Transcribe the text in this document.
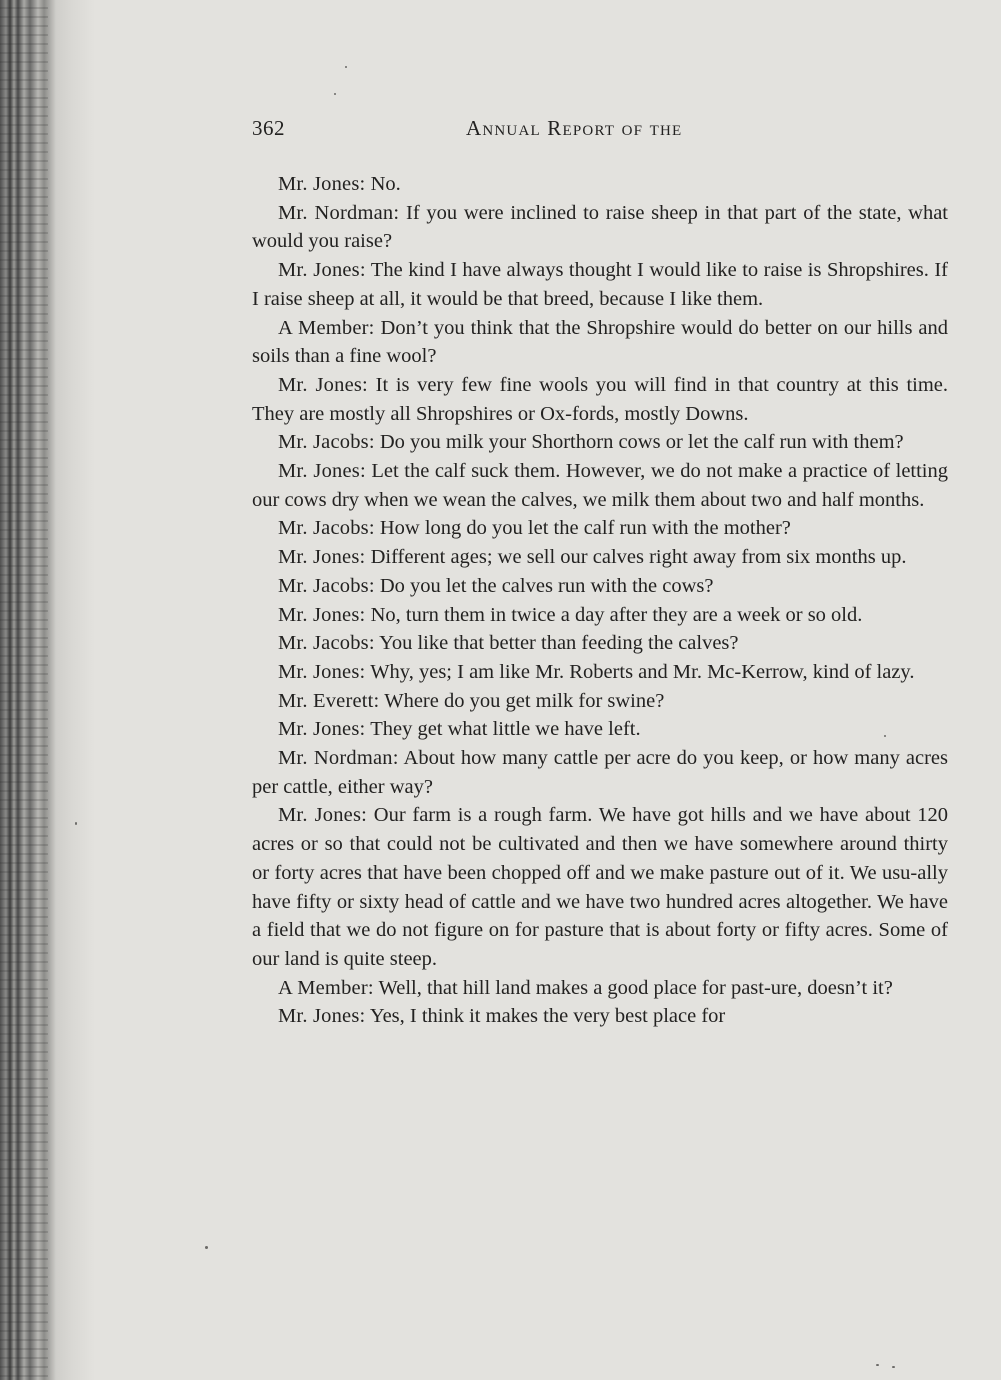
362	Annual Report of the

Mr. Jones: No.

Mr. Nordman: If you were inclined to raise sheep in that part of the state, what would you raise?

Mr. Jones: The kind I have always thought I would like to raise is Shropshires. If I raise sheep at all, it would be that breed, because I like them.

A Member: Don’t you think that the Shropshire would do better on our hills and soils than a fine wool?

Mr. Jones: It is very few fine wools you will find in that country at this time. They are mostly all Shropshires or Ox-fords, mostly Downs.

Mr. Jacobs: Do you milk your Shorthorn cows or let the calf run with them?

Mr. Jones: Let the calf suck them. However, we do not make a practice of letting our cows dry when we wean the calves, we milk them about two and half months.

Mr. Jacobs: How long do you let the calf run with the mother?

Mr. Jones: Different ages; we sell our calves right away from six months up.

Mr. Jacobs: Do you let the calves run with the cows?

Mr. Jones: No, turn them in twice a day after they are a week or so old.

Mr. Jacobs: You like that better than feeding the calves?

Mr. Jones: Why, yes; I am like Mr. Roberts and Mr. Mc-Kerrow, kind of lazy.

Mr. Everett: Where do you get milk for swine?

Mr. Jones: They get what little we have left.

Mr. Nordman: About how many cattle per acre do you keep, or how many acres per cattle, either way?

Mr. Jones: Our farm is a rough farm. We have got hills and we have about 120 acres or so that could not be cultivated and then we have somewhere around thirty or forty acres that have been chopped off and we make pasture out of it. We usu-ally have fifty or sixty head of cattle and we have two hundred acres altogether. We have a field that we do not figure on for pasture that is about forty or fifty acres. Some of our land is quite steep.

A Member: Well, that hill land makes a good place for past-ure, doesn’t it?

Mr. Jones: Yes, I think it makes the very best place for
